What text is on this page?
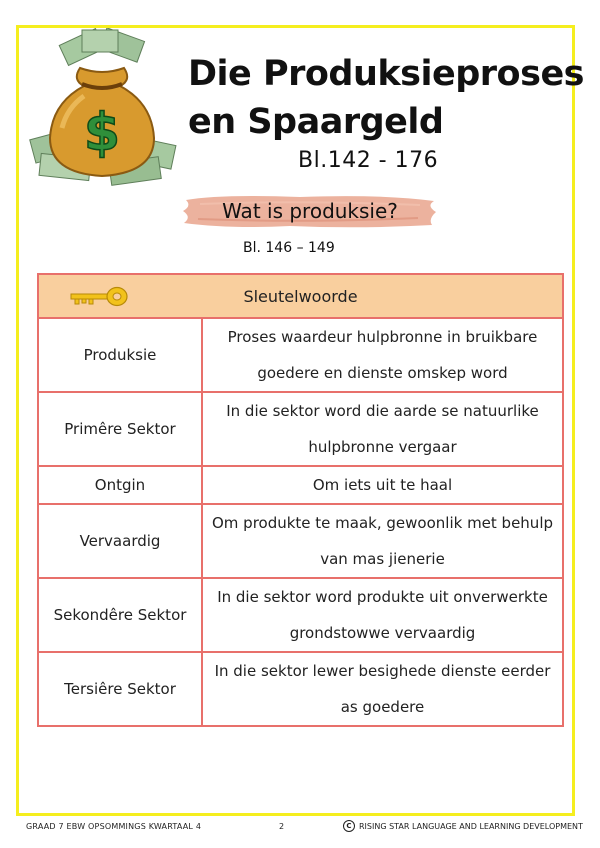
$
Die Produksieproses
en Spaargeld
Bl.142 - 176
Wat is produksie?
Bl. 146 – 149
Sleutelwoorde	
Produksie	Proses waardeur hulpbronne in bruikbare goedere en dienste omskep word
Primêre Sektor	In die sektor word die aarde se natuurlike hulpbronne vergaar
Ontgin	Om iets uit te haal
Vervaardig	Om produkte te maak, gewoonlik met behulp van mas jienerie
Sekondêre Sektor	In die sektor word produkte uit onverwerkte grondstowwe vervaardig
Tersiêre Sektor	In die sektor lewer besighede dienste eerder as goedere
GRAAD 7 EBW OPSOMMINGS KWARTAAL 4	2	C RISING STAR LANGUAGE AND LEARNING DEVELOPMENT
